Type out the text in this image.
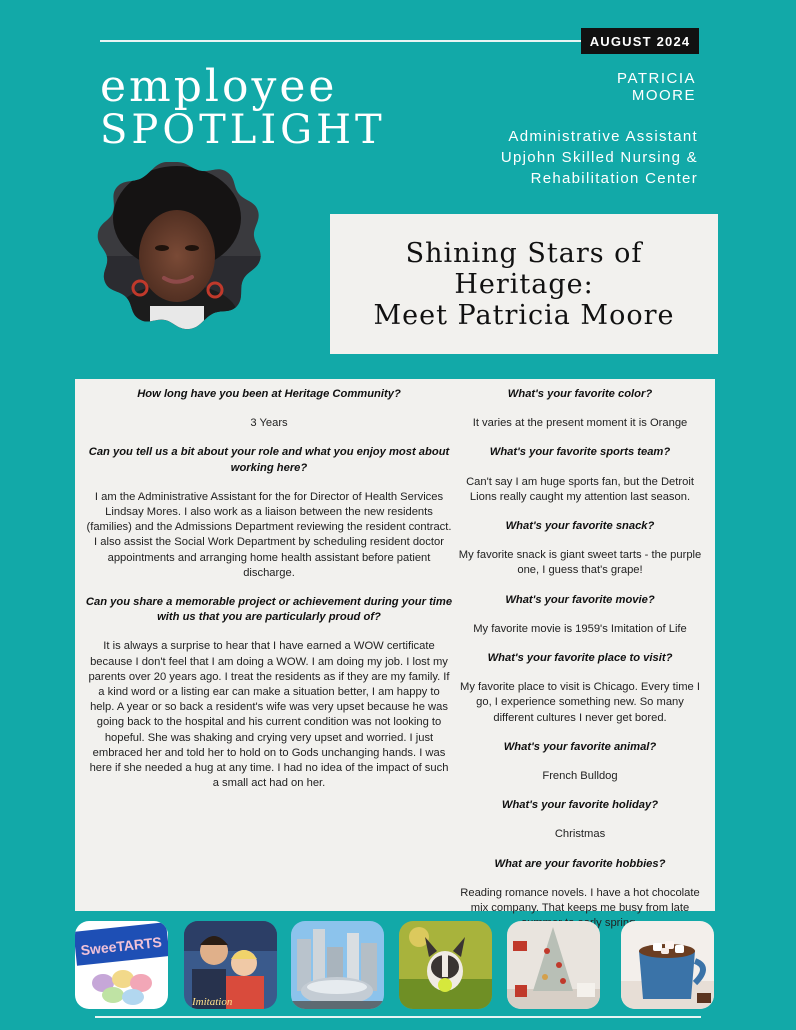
AUGUST 2024
employee
SPOTLIGHT
PATRICIA
MOORE
Administrative Assistant
Upjohn Skilled Nursing &
Rehabilitation Center
Shining Stars of
Heritage:
Meet Patricia Moore
How long have you been at Heritage Community?
3 Years
Can you tell us a bit about your role and what you enjoy most about working here?
I am the Administrative Assistant for the for Director of Health Services Lindsay Mores. I also work as a liaison between the new residents (families) and the Admissions Department reviewing the resident contract. I also assist the Social Work Department by scheduling resident doctor appointments and arranging home health assistant before patient discharge.
Can you share a memorable project or achievement during your time with us that you are particularly proud of?
It is always a surprise to hear that I have earned a WOW certificate because I don't feel that I am doing a WOW. I am doing my job. I lost my parents over 20 years ago. I treat the residents as if they are my family. If a kind word or a listing ear can make a situation better, I am happy to help. A year or so back a resident's wife was very upset because he was going back to the hospital and his current condition was not looking to hopeful. She was shaking and crying very upset and worried. I just embraced her and told her to hold on to Gods unchanging hands. I was here if she needed a hug at any time. I had no idea of the impact of such a small act had on her.
What's your favorite color?
It varies at the present moment it is Orange
What's your favorite sports team?
Can't say I am huge sports fan, but the Detroit Lions really caught my attention last season.
What's your favorite snack?
My favorite snack is giant sweet tarts - the purple one, I guess that's grape!
What's your favorite movie?
My favorite movie is 1959's Imitation of Life
What's your favorite place to visit?
My favorite place to visit is Chicago. Every time I go, I experience something new. So many different cultures I never get bored.
What's your favorite animal?
French Bulldog
What's your favorite holiday?
Christmas
What are your favorite hobbies?
Reading romance novels. I have a hot chocolate mix company. That keeps me busy from late spring.
SweeTARTS
Imitation
